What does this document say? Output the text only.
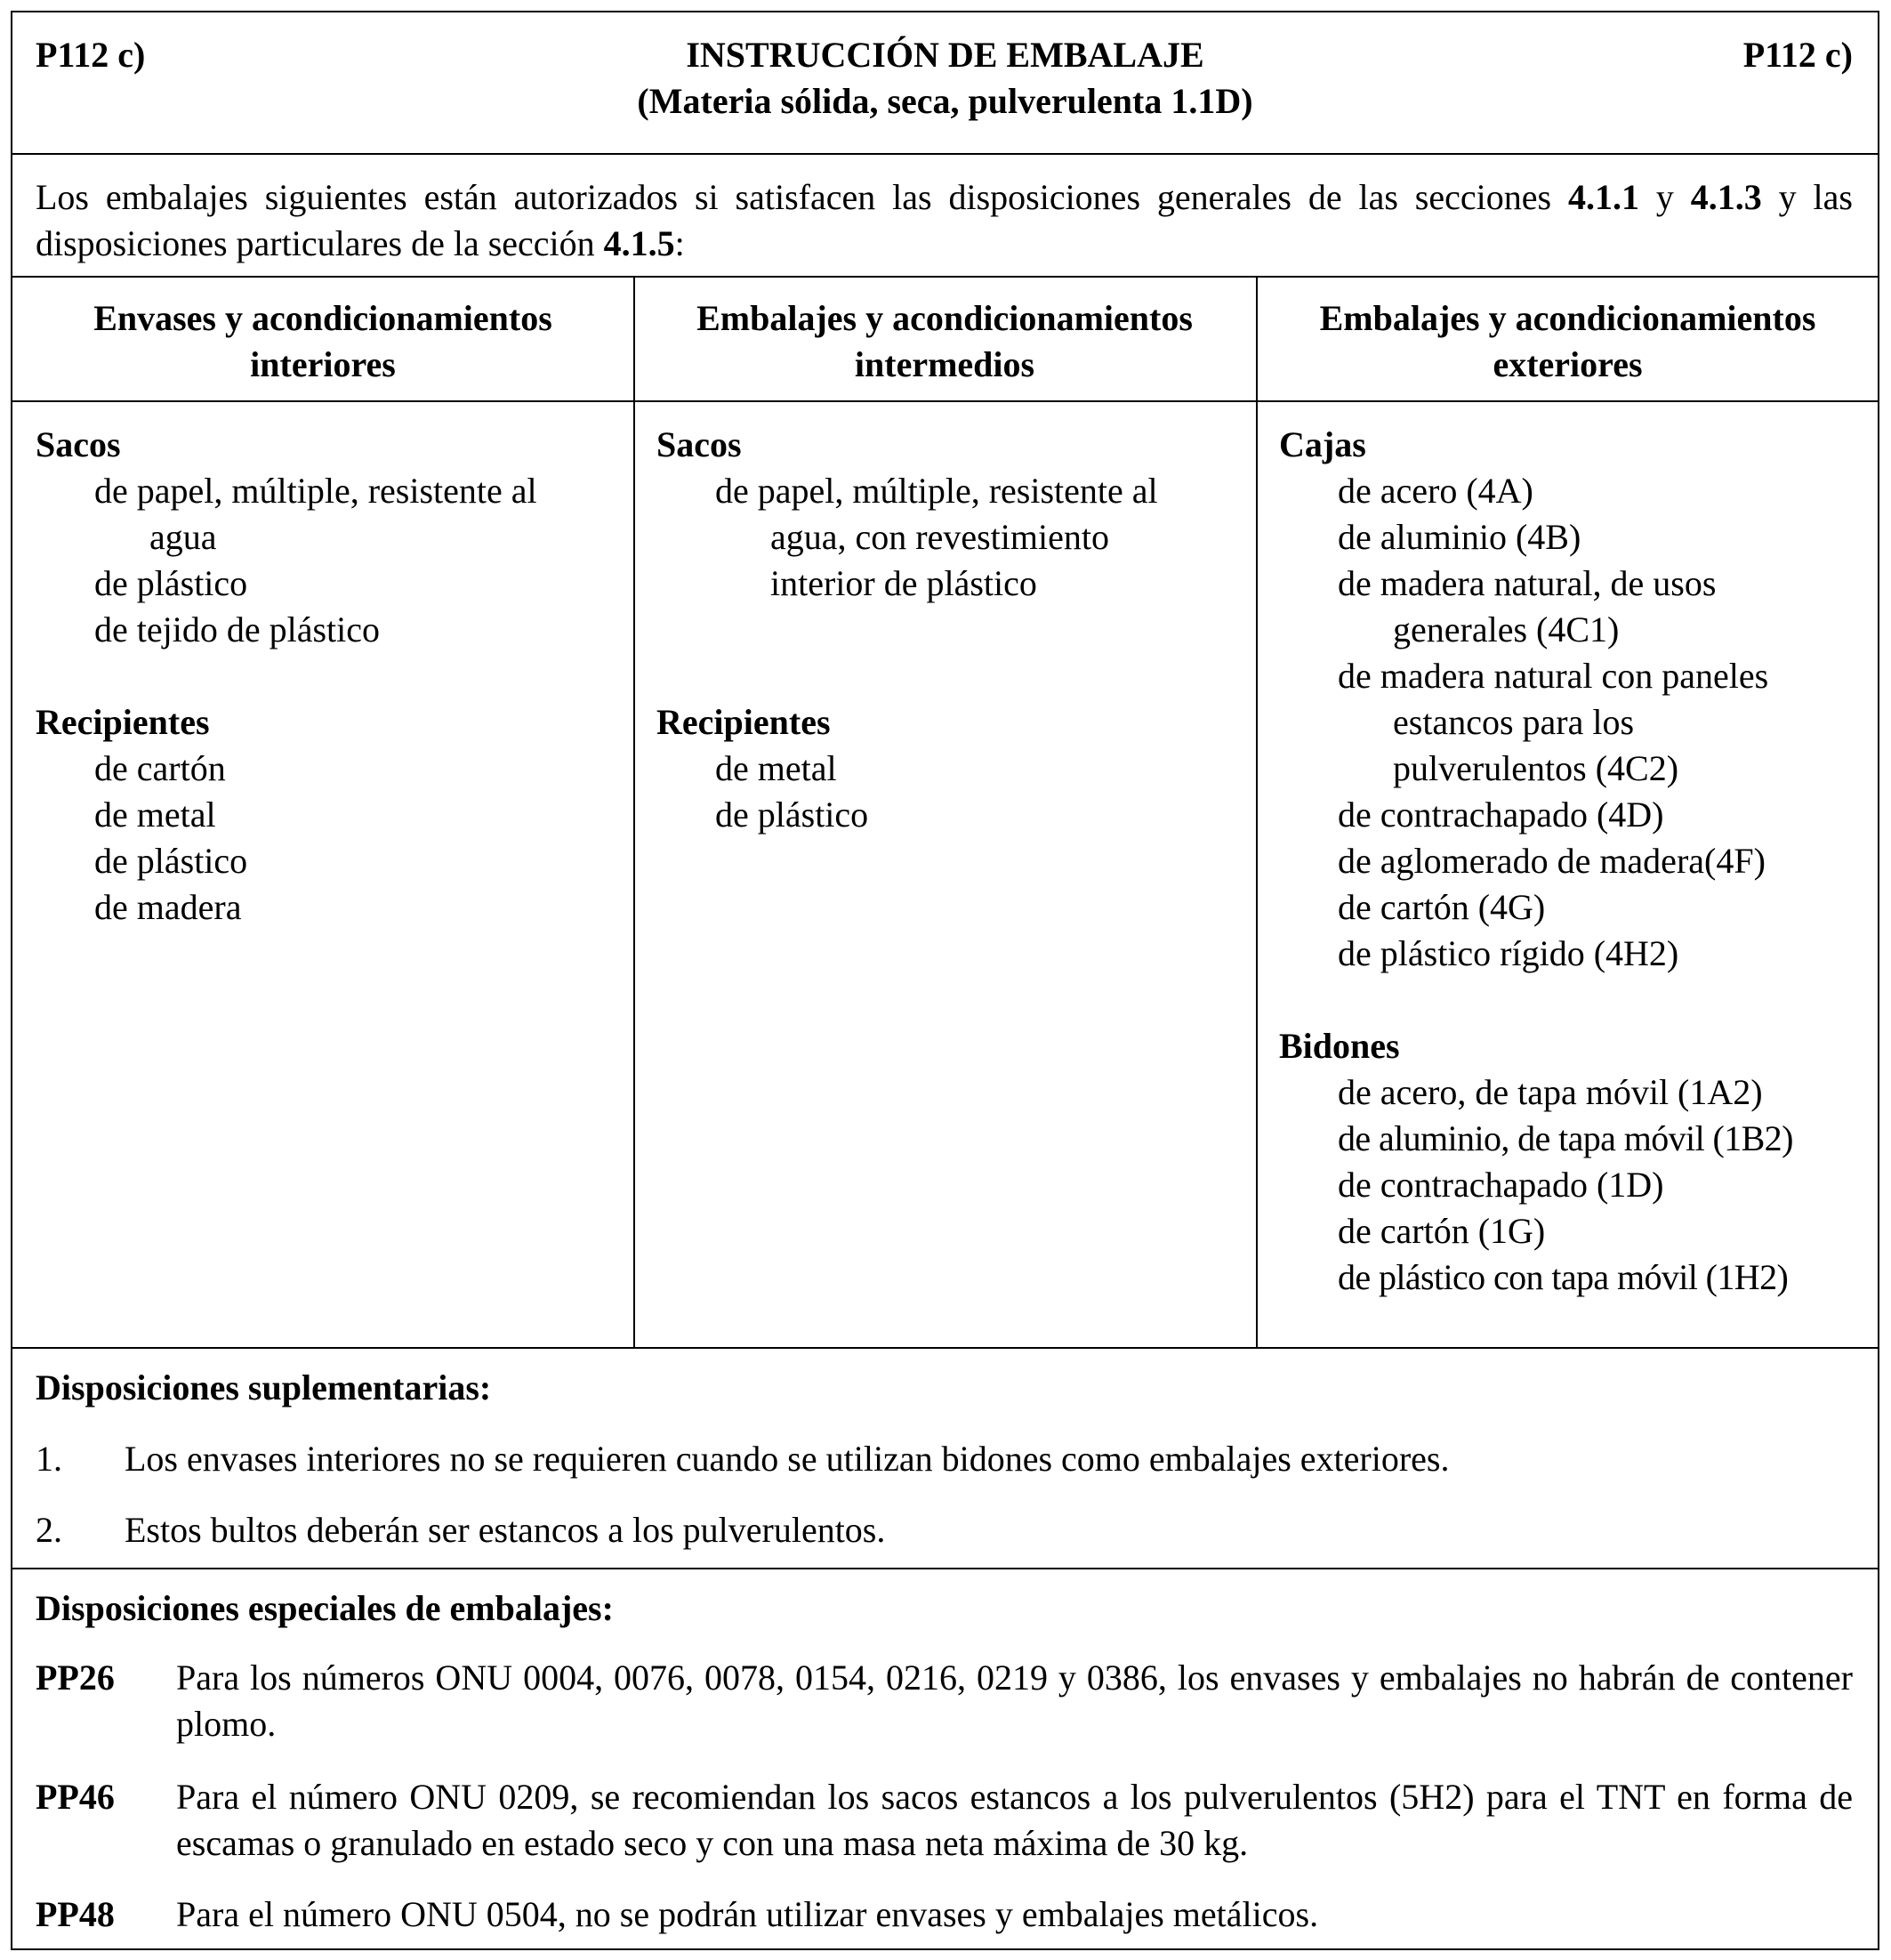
P112 c)	P112 c)
INSTRUCCIÓN DE EMBALAJE
(Materia sólida, seca, pulverulenta 1.1D)
Los embalajes siguientes están autorizados si satisfacen las disposiciones generales de las secciones 4.1.1 y 4.1.3 y las disposiciones particulares de la sección 4.1.5:
Envases y acondicionamientos
interiores
Embalajes y acondicionamientos
intermedios
Embalajes y acondicionamientos
exteriores
Sacos
de papel, múltiple, resistente al
agua
de plástico
de tejido de plástico
Recipientes
de cartón
de metal
de plástico
de madera
Sacos
de papel, múltiple, resistente al
agua, con revestimiento
interior de plástico
Recipientes
de metal
de plástico
Cajas
de acero (4A)
de aluminio (4B)
de madera natural, de usos
generales (4C1)
de madera natural con paneles
estancos para los
pulverulentos (4C2)
de contrachapado (4D)
de aglomerado de madera(4F)
de cartón (4G)
de plástico rígido (4H2)
Bidones
de acero, de tapa móvil (1A2)
de aluminio, de tapa móvil (1B2)
de contrachapado (1D)
de cartón (1G)
de plástico con tapa móvil (1H2)
Disposiciones suplementarias:
1. Los envases interiores no se requieren cuando se utilizan bidones como embalajes exteriores.
2. Estos bultos deberán ser estancos a los pulverulentos.
Disposiciones especiales de embalajes:
PP26 Para los números ONU 0004, 0076, 0078, 0154, 0216, 0219 y 0386, los envases y embalajes no habrán de contener plomo.
PP46 Para el número ONU 0209, se recomiendan los sacos estancos a los pulverulentos (5H2) para el TNT en forma de escamas o granulado en estado seco y con una masa neta máxima de 30 kg.
PP48 Para el número ONU 0504, no se podrán utilizar envases y embalajes metálicos.
